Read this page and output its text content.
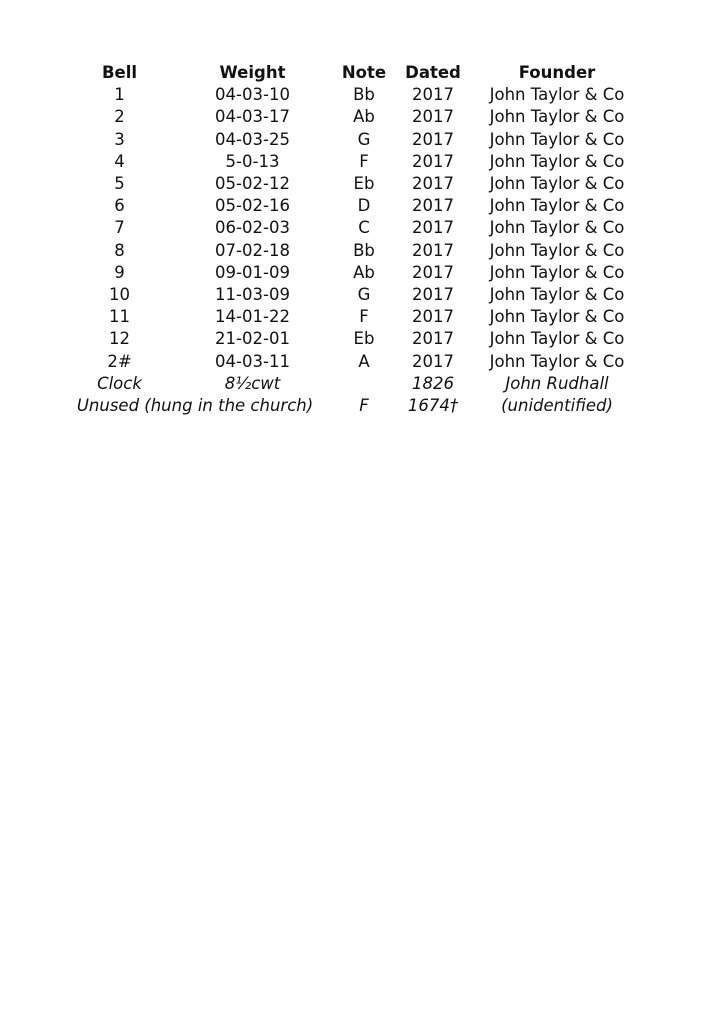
Bell	Weight	Note	Dated	Founder
1	04-03-10	Bb	2017	John Taylor & Co
2	04-03-17	Ab	2017	John Taylor & Co
3	04-03-25	G	2017	John Taylor & Co
4	5-0-13	F	2017	John Taylor & Co
5	05-02-12	Eb	2017	John Taylor & Co
6	05-02-16	D	2017	John Taylor & Co
7	06-02-03	C	2017	John Taylor & Co
8	07-02-18	Bb	2017	John Taylor & Co
9	09-01-09	Ab	2017	John Taylor & Co
10	11-03-09	G	2017	John Taylor & Co
11	14-01-22	F	2017	John Taylor & Co
12	21-02-01	Eb	2017	John Taylor & Co
2#	04-03-11	A	2017	John Taylor & Co
Clock	8½cwt		1826	John Rudhall
Unused (hung in the church)		F	1674†	(unidentified)
